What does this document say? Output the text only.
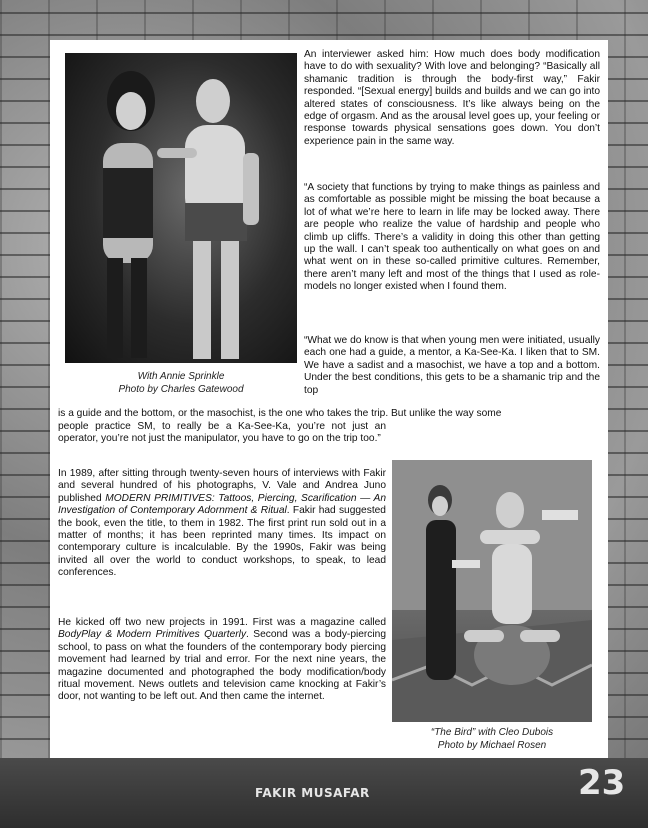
With Annie Sprinkle
Photo by Charles Gatewood

An interviewer asked him: How much does body modification have to do with sexuality? With love and belonging? “Basically all shamanic tradition is through the body-first way,” Fakir responded. “[Sexual energy] builds and builds and we can go into altered states of consciousness. It’s like always being on the edge of orgasm. And as the arousal level goes up, your feeling or response towards physical sensations goes down. You don’t experience pain in the same way.

“A society that functions by trying to make things as painless and as comfortable as possible might be missing the boat because a lot of what we’re here to learn in life may be locked away. There are people who realize the value of hardship and people who climb up cliffs. There’s a validity in doing this other than getting up the wall. I can’t speak too authentically on what goes on and what went on in these so-called primitive cultures. Remember, there aren’t many left and most of the things that I used as role-models no longer existed when I found them.

“What we do know is that when young men were initiated, usually each one had a guide, a mentor, a Ka-See-Ka. I liken that to SM. We have a sadist and a masochist, we have a top and a bottom. Under the best conditions, this gets to be a shamanic trip and the top

is a guide and the bottom, or the masochist, is the one who takes the trip. But unlike the way some

people practice SM, to really be a Ka-See-Ka, you’re not just an operator, you’re not just the manipulator, you have to go on the trip too.”

In 1989, after sitting through twenty-seven hours of interviews with Fakir and several hundred of his photographs, V. Vale and Andrea Juno published MODERN PRIMITIVES: Tattoos, Piercing, Scarification — An Investigation of Contemporary Adornment & Ritual. Fakir had suggested the book, even the title, to them in 1982. The first print run sold out in a matter of months; it has been reprinted many times. Its impact on contemporary culture is incalculable. By the 1990s, Fakir was being invited all over the world to conduct workshops, to speak, to lead conferences.

He kicked off two new projects in 1991. First was a magazine called BodyPlay & Modern Primitives Quarterly. Second was a body-piercing school, to pass on what the founders of the contemporary body piercing movement had learned by trial and error. For the next nine years, the magazine documented and photographed the body modification/body ritual movement. News outlets and television came knocking at Fakir’s door, not wanting to be left out. And then came the internet.

“The Bird” with Cleo Dubois
Photo by Michael Rosen
FAKIR MUSAFAR	23
